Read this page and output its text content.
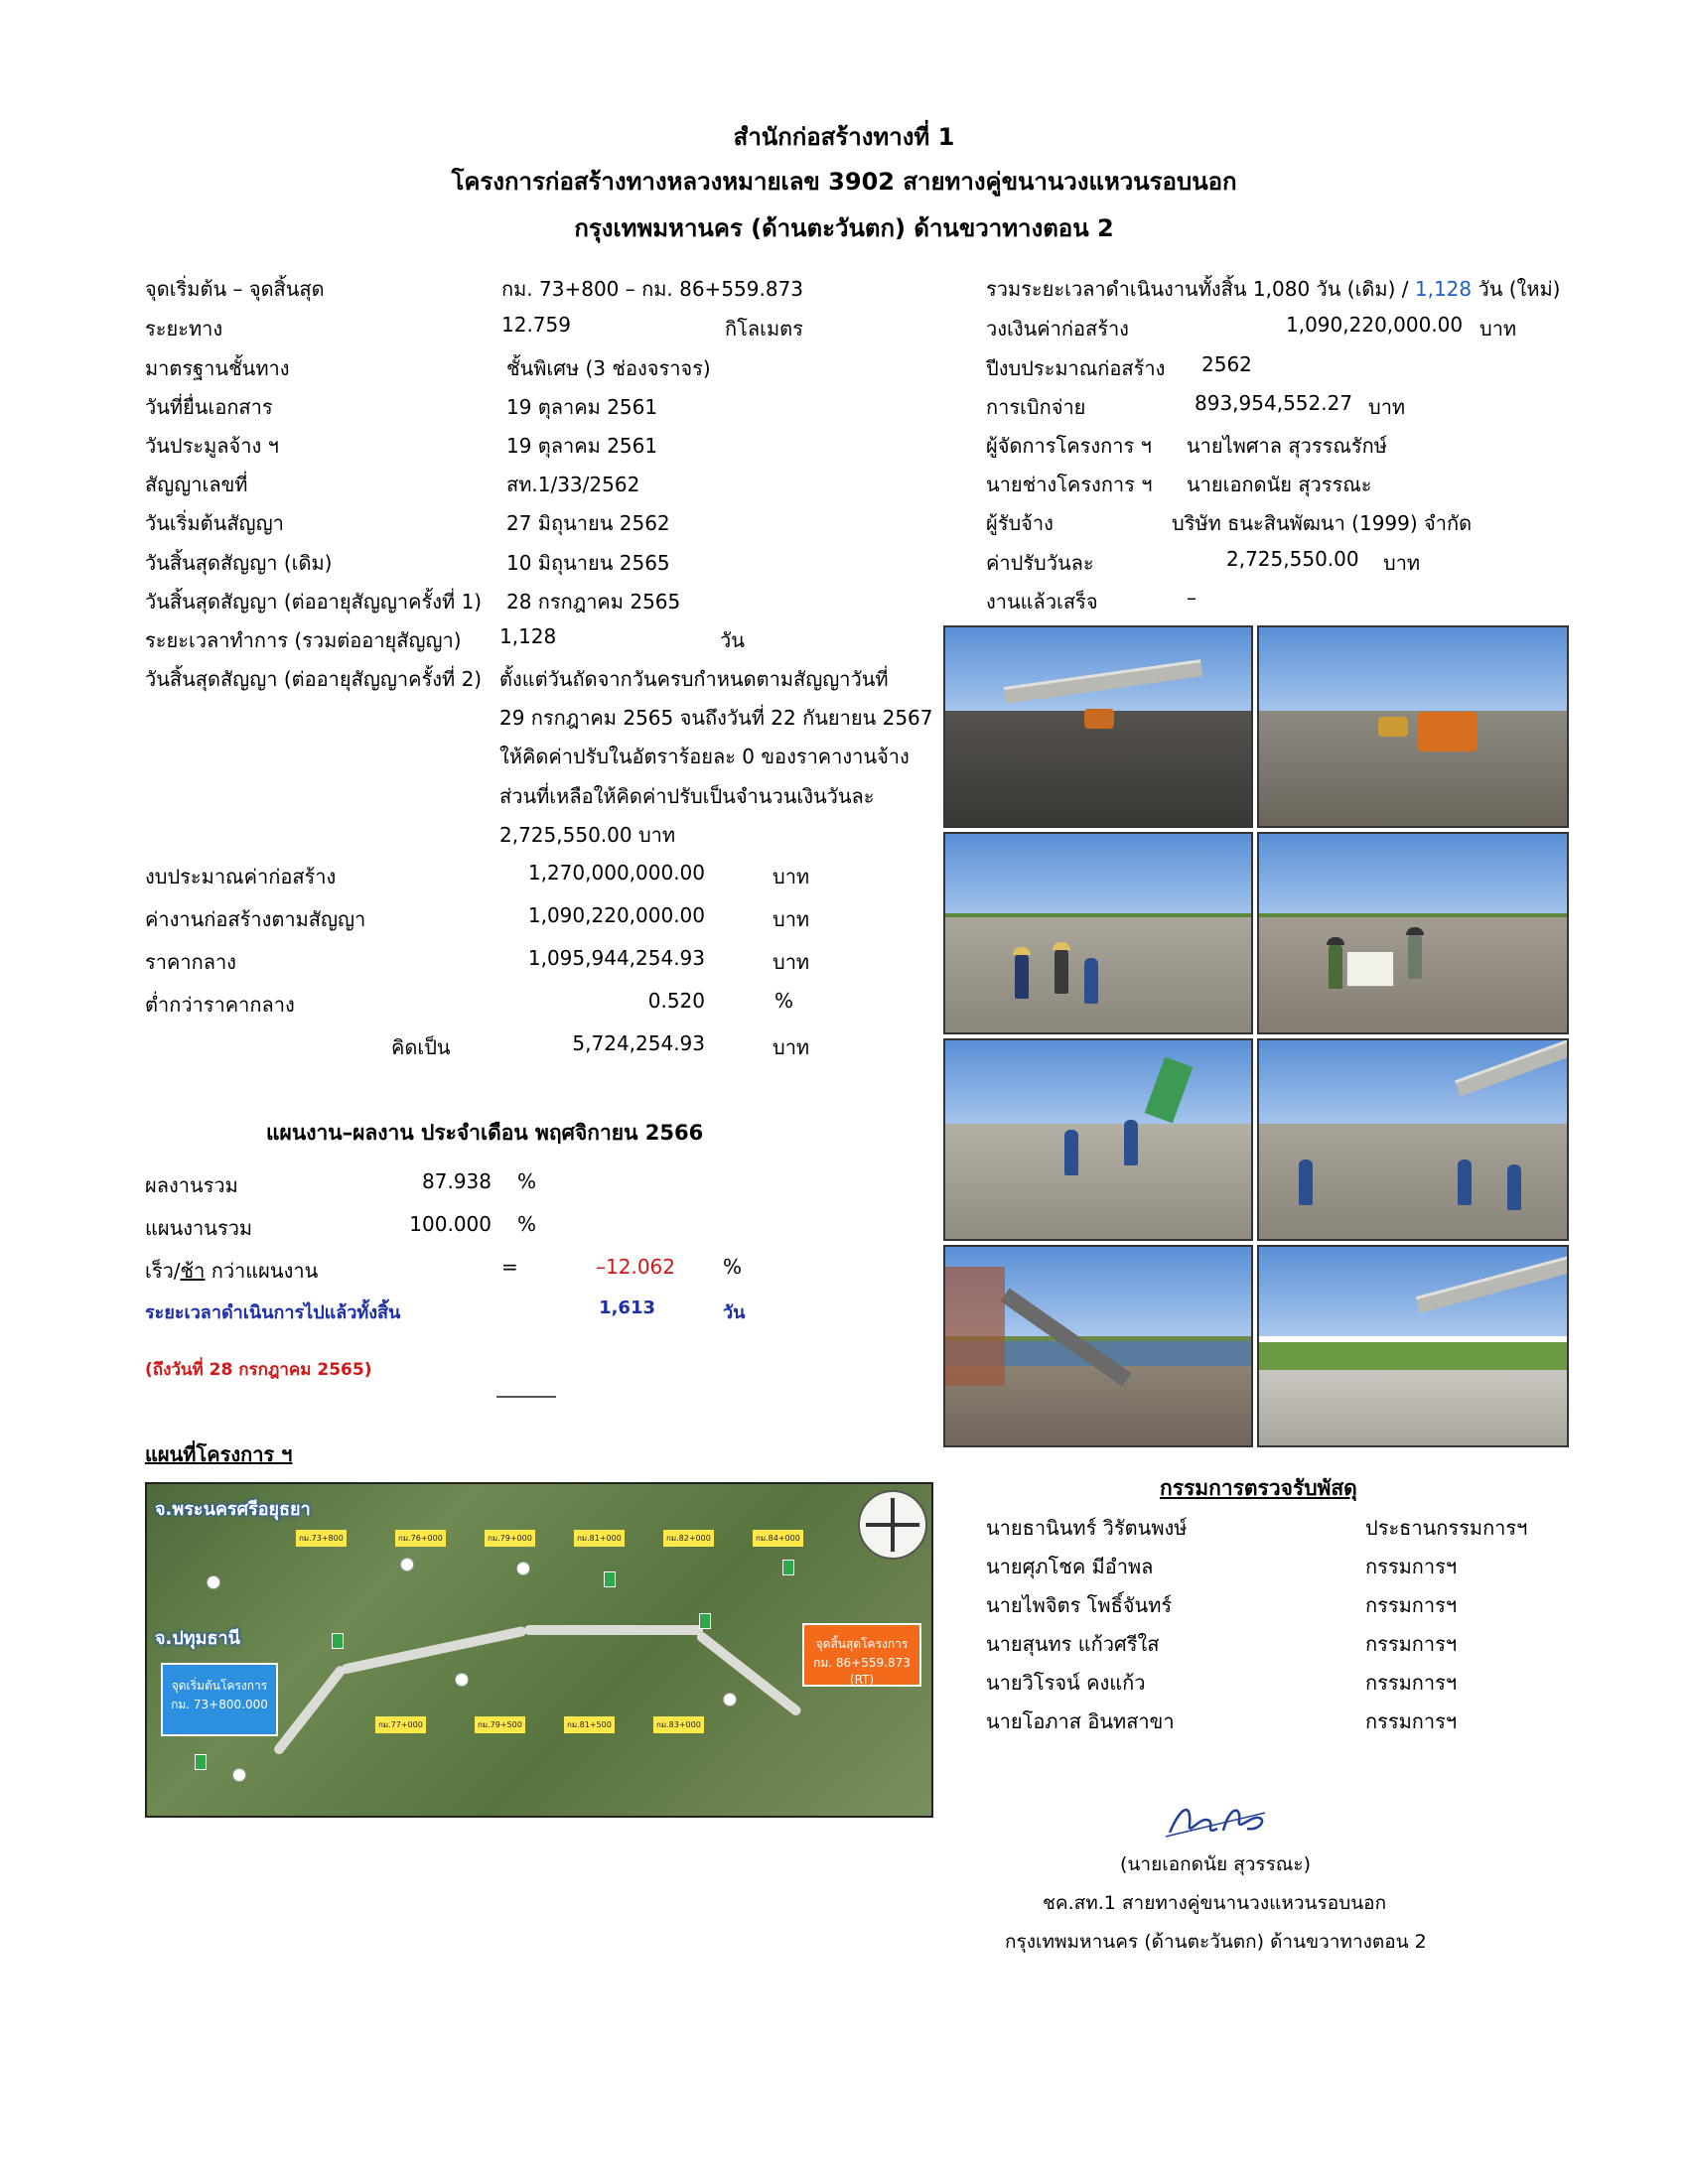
สำนักก่อสร้างทางที่ 1
โครงการก่อสร้างทางหลวงหมายเลข 3902 สายทางคู่ขนานวงแหวนรอบนอก
กรุงเทพมหานคร (ด้านตะวันตก) ด้านขวาทางตอน 2
จุดเริ่มต้น – จุดสิ้นสุด	กม. 73+800 – กม. 86+559.873
ระยะทาง	12.759	กิโลเมตร
มาตรฐานชั้นทาง	ชั้นพิเศษ (3 ช่องจราจร)
วันที่ยื่นเอกสาร	19 ตุลาคม 2561
วันประมูลจ้าง ฯ	19 ตุลาคม 2561
สัญญาเลขที่	สท.1/33/2562
วันเริ่มต้นสัญญา	27 มิถุนายน 2562
วันสิ้นสุดสัญญา (เดิม)	10 มิถุนายน 2565
วันสิ้นสุดสัญญา (ต่ออายุสัญญาครั้งที่ 1) 28 กรกฎาคม 2565
ระยะเวลาทำการ (รวมต่ออายุสัญญา) 1,128	วัน
วันสิ้นสุดสัญญา (ต่ออายุสัญญาครั้งที่ 2) ตั้งแต่วันถัดจากวันครบกำหนดตามสัญญาวันที่
29 กรกฎาคม 2565 จนถึงวันที่ 22 กันยายน 2567
ให้คิดค่าปรับในอัตราร้อยละ 0 ของราคางานจ้าง
ส่วนที่เหลือให้คิดค่าปรับเป็นจำนวนเงินวันละ
2,725,550.00 บาท
งบประมาณค่าก่อสร้าง	1,270,000,000.00	บาท
ค่างานก่อสร้างตามสัญญา	1,090,220,000.00	บาท
ราคากลาง	1,095,944,254.93	บาท
ต่ำกว่าราคากลาง	0.520	%
คิดเป็น	5,724,254.93	บาท
แผนงาน–ผลงาน ประจำเดือน พฤศจิกายน 2566
ผลงานรวม	87.938 %
แผนงานรวม	100.000 %
เร็ว/ช้า กว่าแผนงาน	=	–12.062 %
ระยะเวลาดำเนินการไปแล้วทั้งสิ้น	1,613	วัน
(ถึงวันที่ 28 กรกฎาคม 2565)
รวมระยะเวลาดำเนินงานทั้งสิ้น 1,080 วัน (เดิม) / 1,128 วัน (ใหม่)
วงเงินค่าก่อสร้าง	1,090,220,000.00 บาท
ปีงบประมาณก่อสร้าง 2562
การเบิกจ่าย	893,954,552.27 บาท
ผู้จัดการโครงการ ฯ นายไพศาล สุวรรณรักษ์
นายช่างโครงการ ฯ นายเอกดนัย สุวรรณะ
ผู้รับจ้าง	บริษัท ธนะสินพัฒนา (1999) จำกัด
ค่าปรับวันละ	2,725,550.00 บาท
งานแล้วเสร็จ	–
แผนที่โครงการ ฯ
จ.พระนครศรีอยุธยา
จ.ปทุมธานี
กม.73+800	กม.76+000	กม.79+000	กม.81+000	กม.82+000	กม.84+000
กม.77+000	กม.79+500	กม.81+500	กม.83+000
จุดเริ่มต้นโครงการ
กม. 73+800.000
จุดสิ้นสุดโครงการ
กม. 86+559.873 (RT)
กรรมการตรวจรับพัสดุ
นายธานินทร์ วิรัตนพงษ์	ประธานกรรมการฯ
นายศุภโชค มีอำพล	กรรมการฯ
นายไพจิตร โพธิ์จันทร์	กรรมการฯ
นายสุนทร แก้วศรีใส	กรรมการฯ
นายวิโรจน์ คงแก้ว	กรรมการฯ
นายโอภาส อินทสาขา	กรรมการฯ
(นายเอกดนัย สุวรรณะ)
ชค.สท.1 สายทางคู่ขนานวงแหวนรอบนอก
กรุงเทพมหานคร (ด้านตะวันตก) ด้านขวาทางตอน 2
